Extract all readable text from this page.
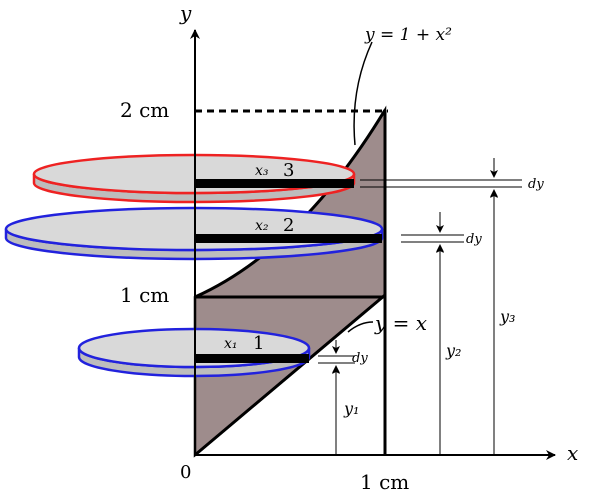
y
x
0
2 cm
1 cm
1 cm
y = 1 + x²
y = x
x₃ 3
x₂ 2
x₁ 1
dy
dy
dy
y₁
y₂
y₃
